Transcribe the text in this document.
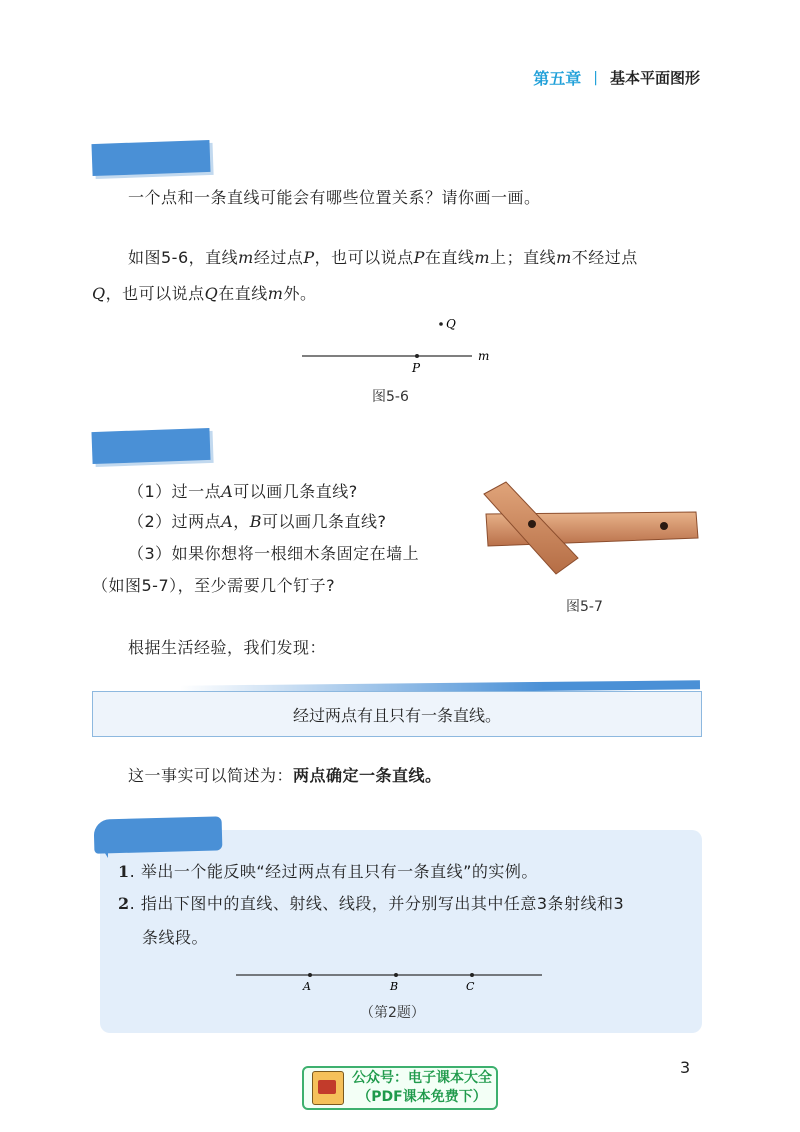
第五章 | 基本平面图形
一个点和一条直线可能会有哪些位置关系？请你画一画。
如图5-6，直线m经过点P，也可以说点P在直线m上；直线m不经过点
Q，也可以说点Q在直线m外。
Q
P
m
图5-6
（1）过一点A可以画几条直线?
（2）过两点A，B可以画几条直线?
（3）如果你想将一根细木条固定在墙上
（如图5-7），至少需要几个钉子?
图5-7
根据生活经验，我们发现：
经过两点有且只有一条直线。
这一事实可以简述为：两点确定一条直线。
1. 举出一个能反映“经过两点有且只有一条直线”的实例。
2. 指出下图中的直线、射线、线段，并分别写出其中任意3条射线和3
条线段。
A	B	C
（第2题）
3
公众号：电子课本大全
（PDF课本免费下）
